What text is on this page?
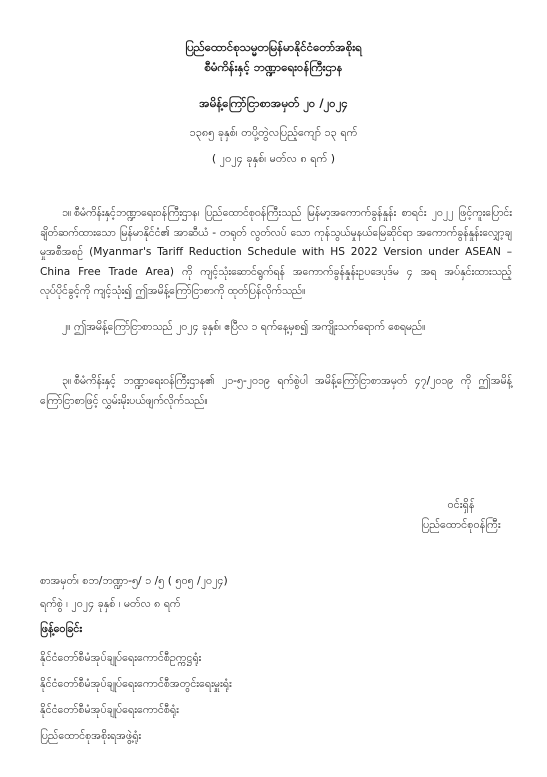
ပြည်ထောင်စုသမ္မတမြန်မာနိုင်ငံတော်အစိုးရ
စီမံကိန်းနှင့် ဘဏ္ဍာရေးဝန်ကြီးဌာန
အမိန့်ကြော်ငြာစာအမှတ် ၂၀ /၂၀၂၄
၁၃၈၅ ခုနှစ်၊ တပို့တွဲလပြည့်ကျော် ၁၃ ရက်
( ၂၀၂၄ ခုနှစ်၊ မတ်လ ၈ ရက် )
၁။ စီမံကိန်းနှင့်ဘဏ္ဍာရေးဝန်ကြီးဌာန၊ ပြည်ထောင်စုဝန်ကြီးသည် မြန်မာ့အကောက်ခွန်နှုန်း စာရင်း ၂၀၂၂ ဖြင့်ကူးပြောင်းချိတ်ဆက်ထားသော မြန်မာနိုင်ငံ၏ အာဆီယံ - တရုတ် လွတ်လပ် သော ကုန်သွယ်မှုနယ်မြေဆိုင်ရာ အကောက်ခွန်နှုန်းလျှော့ချမှုအစီအစဉ် (Myanmar's Tariff Reduction Schedule with HS 2022 Version under ASEAN – China Free Trade Area) ကို ကျင့်သုံးဆောင်ရွက်ရန် အကောက်ခွန်နှုန်းဥပဒေပုဒ်မ ၄ အရ အပ်နှင်းထားသည့် လုပ်ပိုင်ခွင့်ကို ကျင့်သုံး၍ ဤအမိန့်ကြော်ငြာစာကို ထုတ်ပြန်လိုက်သည်။
၂။ ဤအမိန့်ကြော်ငြာစာသည် ၂၀၂၄ ခုနှစ်၊ ဧပြီလ ၁ ရက်နေ့မှစ၍ အကျိုးသက်ရောက် စေရမည်။
၃။ စီမံကိန်းနှင့် ဘဏ္ဍာရေးဝန်ကြီးဌာန၏ ၂၁-၅-၂၀၁၉ ရက်စွဲပါ အမိန့်ကြော်ငြာစာအမှတ် ၄၇/၂၀၁၉ ကို ဤအမိန့်ကြော်ငြာစာဖြင့် လွှမ်းမိုးပယ်ဖျက်လိုက်သည်။
ဝင်းရှိန်
ပြည်ထောင်စုဝန်ကြီး
စာအမှတ်၊ စဘ/ဘဏ္ဍာ-၅/ ၁ /၅ ( ၅၀၅ /၂၀၂၄)
ရက်စွဲ ၊ ၂၀၂၄ ခုနှစ် ၊ မတ်လ ၈ ရက်
ဖြန့်ဝေခြင်း
နိုင်ငံတော်စီမံအုပ်ချုပ်ရေးကောင်စီဥက္ကဋ္ဌရုံး
နိုင်ငံတော်စီမံအုပ်ချုပ်ရေးကောင်စီအတွင်းရေးမှူးရုံး
နိုင်ငံတော်စီမံအုပ်ချုပ်ရေးကောင်စီရုံး
ပြည်ထောင်စုအစိုးရအဖွဲ့ရုံး
